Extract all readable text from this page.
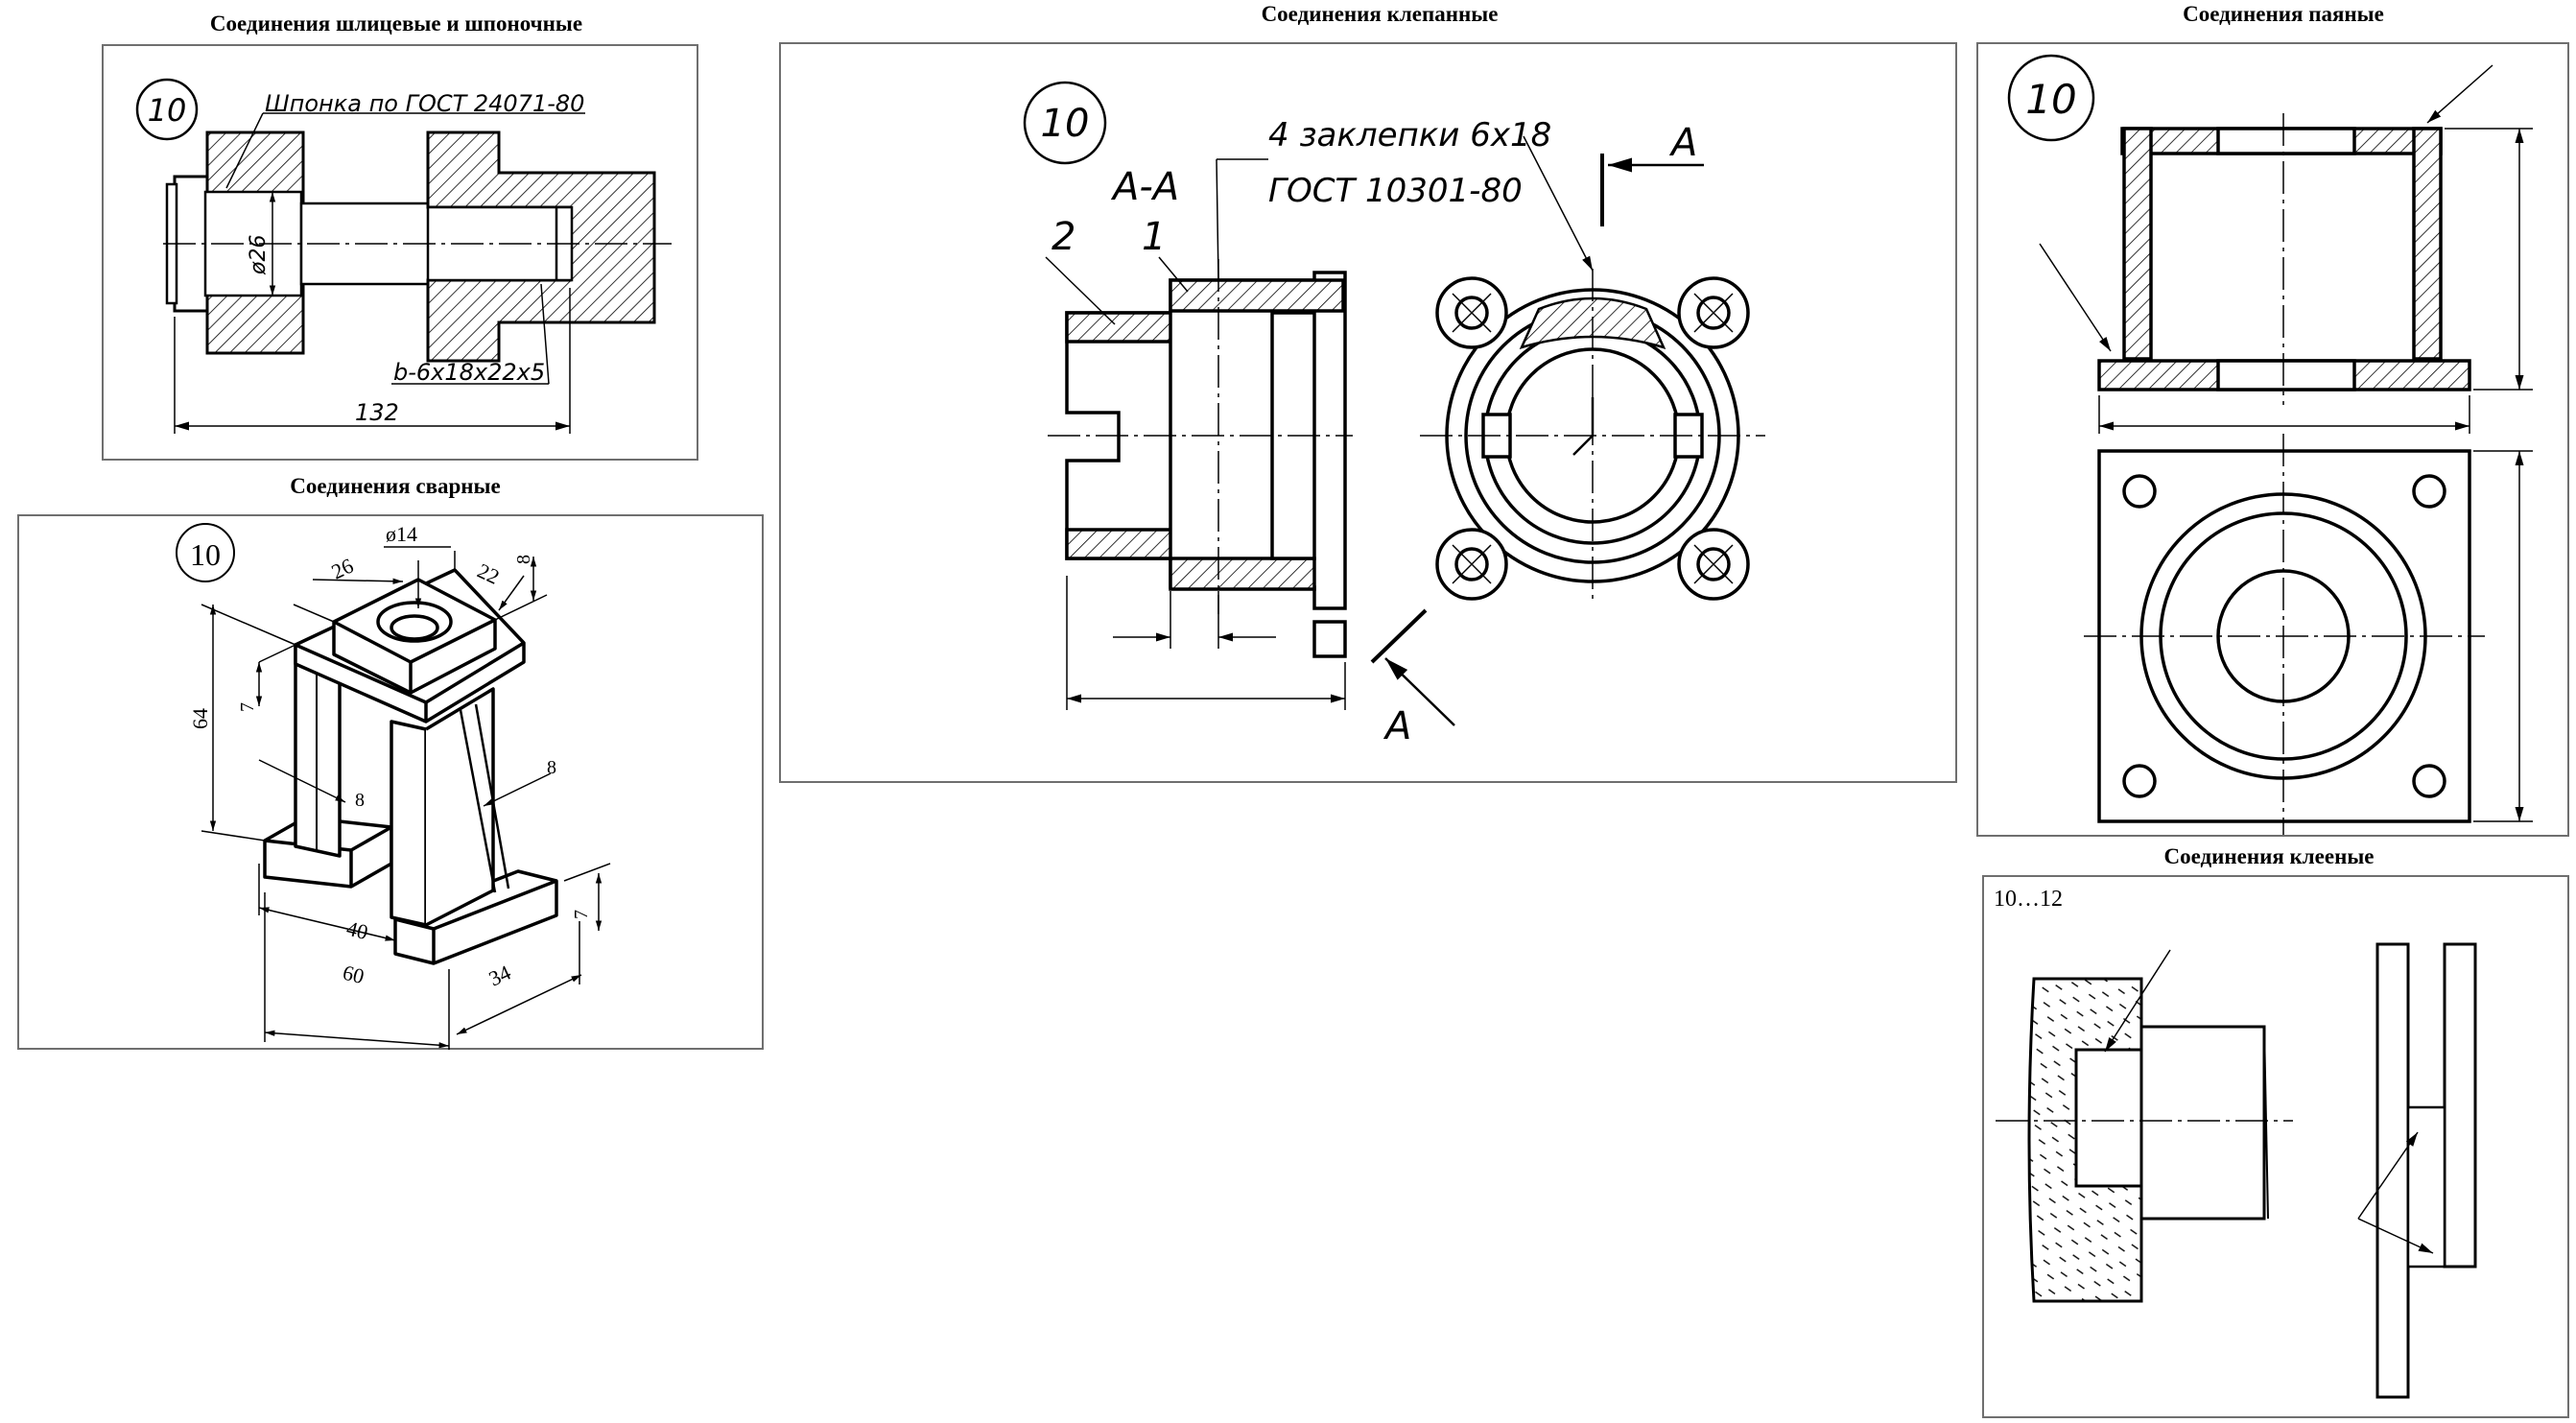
Соединения шлицевые и шпоночные	Соединения клепанные	Соединения паяные
Соединения сварные
Соединения клееные
10	Шпонка по ГОСТ 24071-80
ø26
b-6x18x22x5
132
10
А-А
4 заклепки 6x18
ГОСТ 10301-80
2 1
А
А
10
10
ø14
26	22 8
64
7
8
8
40
60	34
7
10…12
